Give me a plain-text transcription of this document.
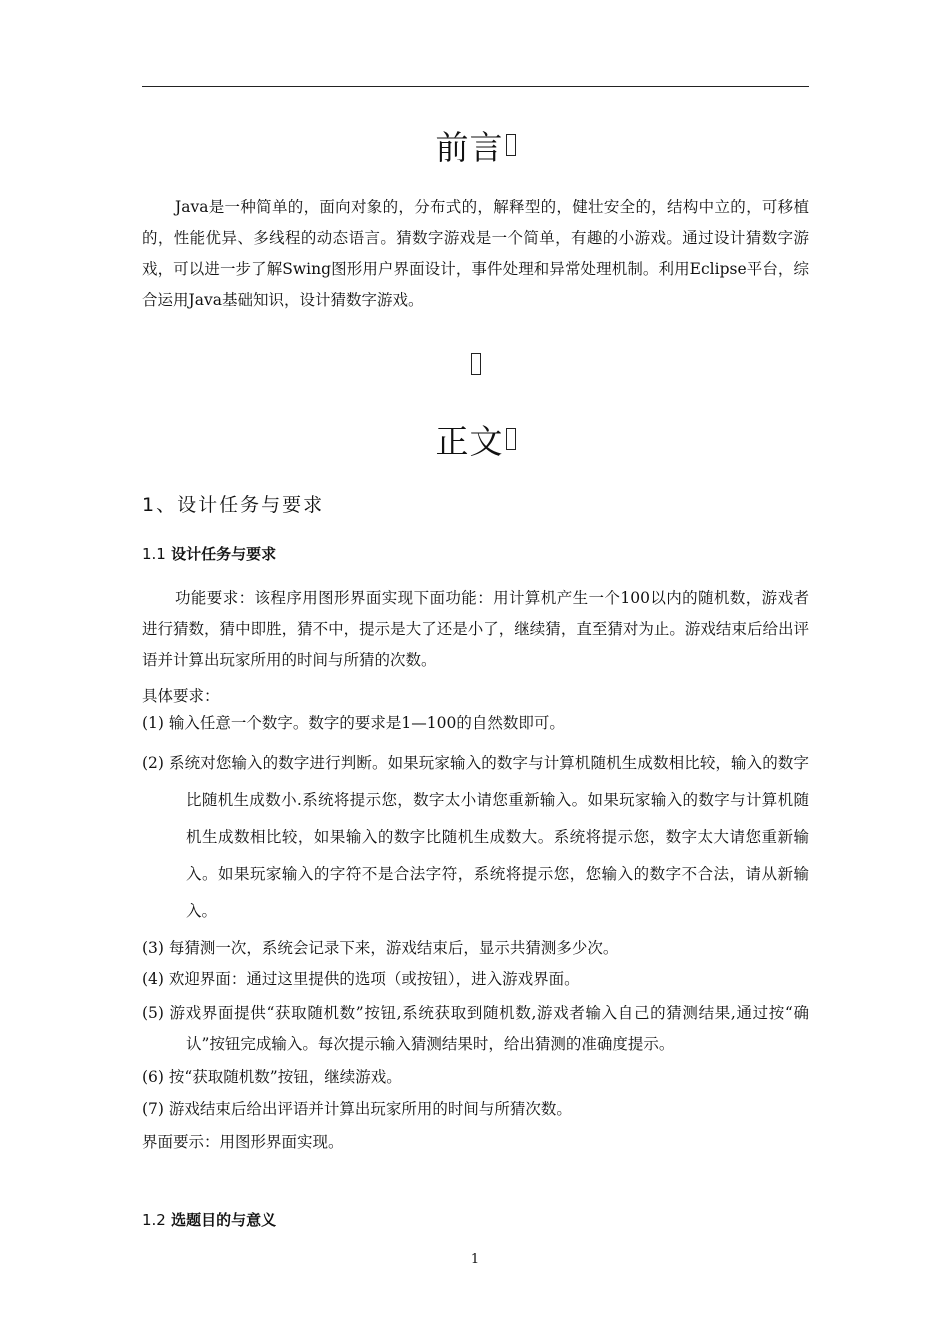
前言
Java是一种简单的，面向对象的，分布式的，解释型的，健壮安全的，结构中立的，可移植的，性能优异、多线程的动态语言。猜数字游戏是一个简单，有趣的小游戏。通过设计猜数字游戏，可以进一步了解Swing图形用户界面设计，事件处理和异常处理机制。利用Eclipse平台，综合运用Java基础知识，设计猜数字游戏。
正文
1、设计任务与要求
1.1 设计任务与要求
功能要求：该程序用图形界面实现下面功能：用计算机产生一个100以内的随机数，游戏者进行猜数，猜中即胜，猜不中，提示是大了还是小了，继续猜，直至猜对为止。游戏结束后给出评语并计算出玩家所用的时间与所猜的次数。
具体要求：
(1) 输入任意一个数字。数字的要求是1—100的自然数即可。
(2) 系统对您输入的数字进行判断。如果玩家输入的数字与计算机随机生成数相比较，输入的数字比随机生成数小.系统将提示您，数字太小请您重新输入。如果玩家输入的数字与计算机随机生成数相比较，如果输入的数字比随机生成数大。系统将提示您，数字太大请您重新输入。如果玩家输入的字符不是合法字符，系统将提示您，您输入的数字不合法，请从新输入。
(3) 每猜测一次，系统会记录下来，游戏结束后，显示共猜测多少次。
(4) 欢迎界面：通过这里提供的选项（或按钮），进入游戏界面。
(5) 游戏界面提供“获取随机数”按钮,系统获取到随机数,游戏者输入自己的猜测结果,通过按“确认”按钮完成输入。每次提示输入猜测结果时，给出猜测的准确度提示。
(6) 按“获取随机数”按钮，继续游戏。
(7) 游戏结束后给出评语并计算出玩家所用的时间与所猜次数。
界面要示：用图形界面实现。
1.2 选题目的与意义
1
